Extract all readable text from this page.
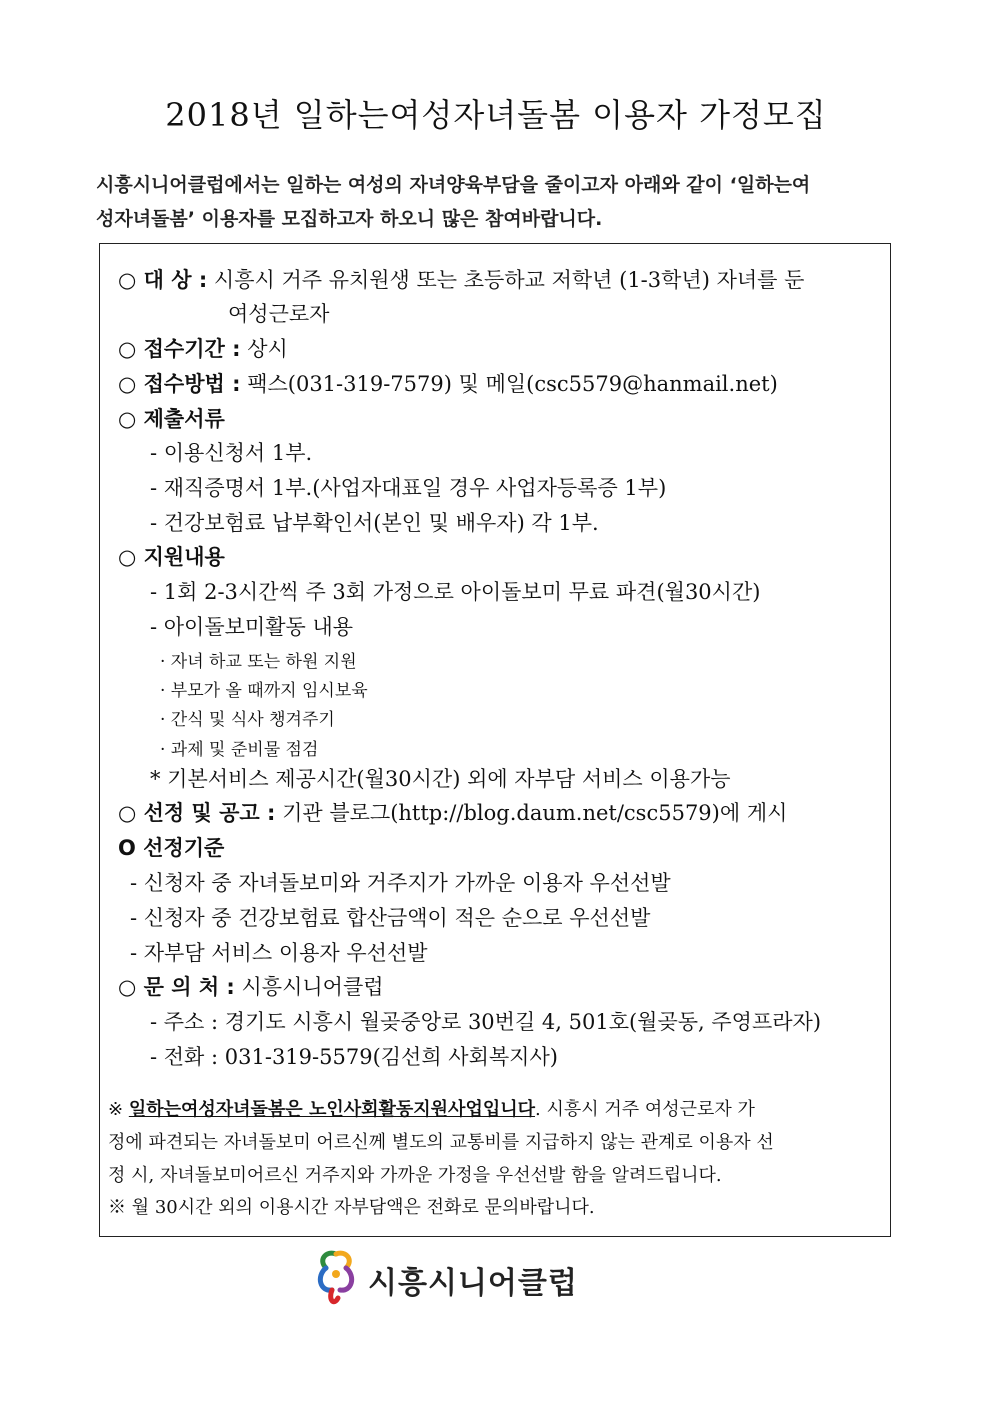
2018년 일하는여성자녀돌봄 이용자 가정모집
시흥시니어클럽에서는 일하는 여성의 자녀양육부담을 줄이고자 아래와 같이 ‘일하는여
성자녀돌봄’ 이용자를 모집하고자 하오니 많은 참여바랍니다.
○ 대 상 : 시흥시 거주 유치원생 또는 초등하교 저학년 (1-3학년) 자녀를 둔
여성근로자
○ 접수기간 : 상시
○ 접수방법 : 팩스(031-319-7579) 및 메일(csc5579@hanmail.net)
○ 제출서류
- 이용신청서 1부.
- 재직증명서 1부.(사업자대표일 경우 사업자등록증 1부)
- 건강보험료 납부확인서(본인 및 배우자) 각 1부.
○ 지원내용
- 1회 2-3시간씩 주 3회 가정으로 아이돌보미 무료 파견(월30시간)
- 아이돌보미활동 내용
· 자녀 하교 또는 하원 지원
· 부모가 올 때까지 임시보육
· 간식 및 식사 챙겨주기
· 과제 및 준비물 점검
* 기본서비스 제공시간(월30시간) 외에 자부담 서비스 이용가능
○ 선정 및 공고 : 기관 블로그(http://blog.daum.net/csc5579)에 게시
O 선정기준
- 신청자 중 자녀돌보미와 거주지가 가까운 이용자 우선선발
- 신청자 중 건강보험료 합산금액이 적은 순으로 우선선발
- 자부담 서비스 이용자 우선선발
○ 문 의 처 : 시흥시니어클럽
- 주소 : 경기도 시흥시 월곶중앙로 30번길 4, 501호(월곶동, 주영프라자)
- 전화 : 031-319-5579(김선희 사회복지사)
※ 일하는여성자녀돌봄은 노인사회활동지원사업입니다. 시흥시 거주 여성근로자 가
정에 파견되는 자녀돌보미 어르신께 별도의 교통비를 지급하지 않는 관계로 이용자 선
정 시, 자녀돌보미어르신 거주지와 가까운 가정을 우선선발 함을 알려드립니다.
※ 월 30시간 외의 이용시간 자부담액은 전화로 문의바랍니다.
시흥시니어클럽
